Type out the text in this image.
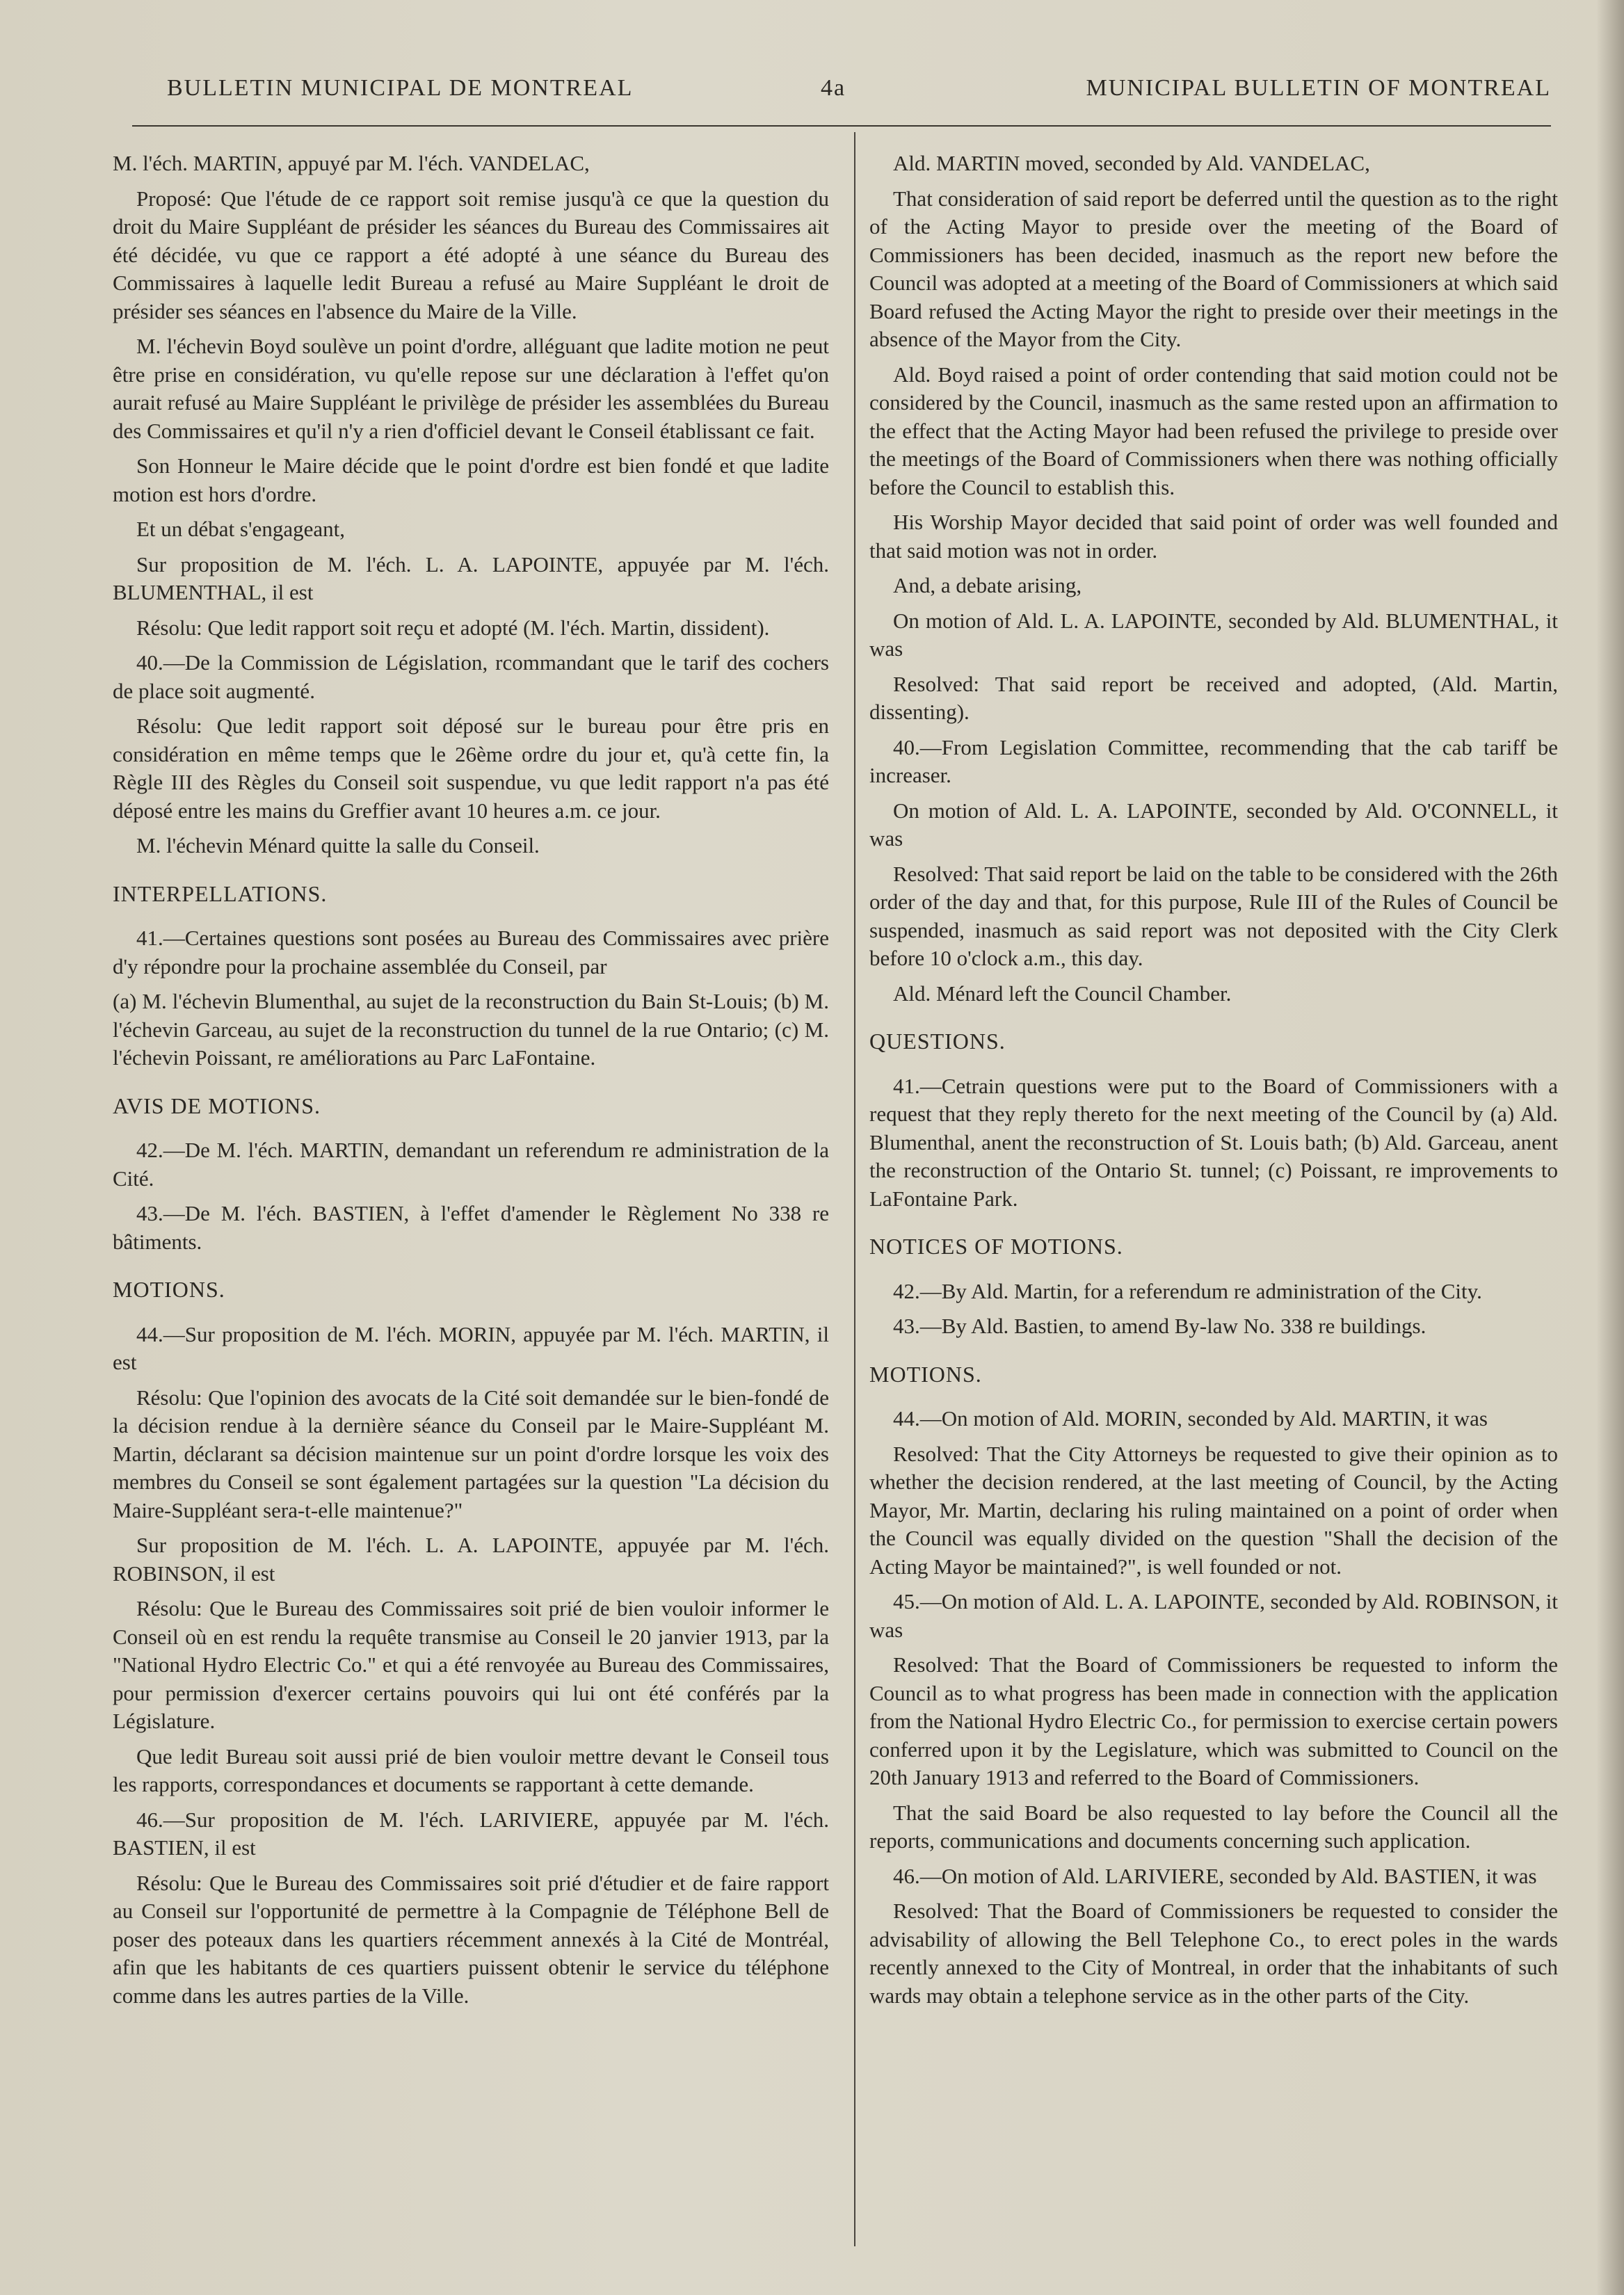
BULLETIN MUNICIPAL DE MONTREAL	4a	MUNICIPAL BULLETIN OF MONTREAL

M. l'éch. MARTIN, appuyé par M. l'éch. VANDELAC,

Proposé: Que l'étude de ce rapport soit remise jusqu'à ce que la question du droit du Maire Suppléant de présider les séances du Bureau des Commissaires ait été décidée, vu que ce rapport a été adopté à une séance du Bureau des Commissaires à laquelle ledit Bureau a refusé au Maire Suppléant le droit de présider ses séances en l'absence du Maire de la Ville.

M. l'échevin Boyd soulève un point d'ordre, alléguant que ladite motion ne peut être prise en considération, vu qu'elle repose sur une déclaration à l'effet qu'on aurait refusé au Maire Suppléant le privilège de présider les assemblées du Bureau des Commissaires et qu'il n'y a rien d'officiel devant le Conseil établissant ce fait.

Son Honneur le Maire décide que le point d'ordre est bien fondé et que ladite motion est hors d'ordre.

Et un débat s'engageant,

Sur proposition de M. l'éch. L. A. LAPOINTE, appuyée par M. l'éch. BLUMENTHAL, il est

Résolu: Que ledit rapport soit reçu et adopté (M. l'éch. Martin, dissident).

40.—De la Commission de Législation, rcommandant que le tarif des cochers de place soit augmenté.

Résolu: Que ledit rapport soit déposé sur le bureau pour être pris en considération en même temps que le 26ème ordre du jour et, qu'à cette fin, la Règle III des Règles du Conseil soit suspendue, vu que ledit rapport n'a pas été déposé entre les mains du Greffier avant 10 heures a.m. ce jour.

M. l'échevin Ménard quitte la salle du Conseil.

INTERPELLATIONS.

41.—Certaines questions sont posées au Bureau des Commissaires avec prière d'y répondre pour la prochaine assemblée du Conseil, par

(a) M. l'échevin Blumenthal, au sujet de la reconstruction du Bain St-Louis; (b) M. l'échevin Garceau, au sujet de la reconstruction du tunnel de la rue Ontario; (c) M. l'échevin Poissant, re améliorations au Parc LaFontaine.

AVIS DE MOTIONS.

42.—De M. l'éch. MARTIN, demandant un referendum re administration de la Cité.

43.—De M. l'éch. BASTIEN, à l'effet d'amender le Règlement No 338 re bâtiments.

MOTIONS.

44.—Sur proposition de M. l'éch. MORIN, appuyée par M. l'éch. MARTIN, il est

Résolu: Que l'opinion des avocats de la Cité soit demandée sur le bien-fondé de la décision rendue à la dernière séance du Conseil par le Maire-Suppléant M. Martin, déclarant sa décision maintenue sur un point d'ordre lorsque les voix des membres du Conseil se sont également partagées sur la question "La décision du Maire-Suppléant sera-t-elle maintenue?"

Sur proposition de M. l'éch. L. A. LAPOINTE, appuyée par M. l'éch. ROBINSON, il est

Résolu: Que le Bureau des Commissaires soit prié de bien vouloir informer le Conseil où en est rendu la requête transmise au Conseil le 20 janvier 1913, par la "National Hydro Electric Co." et qui a été renvoyée au Bureau des Commissaires, pour permission d'exercer certains pouvoirs qui lui ont été conférés par la Législature.

Que ledit Bureau soit aussi prié de bien vouloir mettre devant le Conseil tous les rapports, correspondances et documents se rapportant à cette demande.

46.—Sur proposition de M. l'éch. LARIVIERE, appuyée par M. l'éch. BASTIEN, il est

Résolu: Que le Bureau des Commissaires soit prié d'étudier et de faire rapport au Conseil sur l'opportunité de permettre à la Compagnie de Téléphone Bell de poser des poteaux dans les quartiers récemment annexés à la Cité de Montréal, afin que les habitants de ces quartiers puissent obtenir le service du téléphone comme dans les autres parties de la Ville.

Ald. MARTIN moved, seconded by Ald. VANDELAC,

That consideration of said report be deferred until the question as to the right of the Acting Mayor to preside over the meeting of the Board of Commissioners has been decided, inasmuch as the report new before the Council was adopted at a meeting of the Board of Commissioners at which said Board refused the Acting Mayor the right to preside over their meetings in the absence of the Mayor from the City.

Ald. Boyd raised a point of order contending that said motion could not be considered by the Council, inasmuch as the same rested upon an affirmation to the effect that the Acting Mayor had been refused the privilege to preside over the meetings of the Board of Commissioners when there was nothing officially before the Council to establish this.

His Worship Mayor decided that said point of order was well founded and that said motion was not in order.

And, a debate arising,

On motion of Ald. L. A. LAPOINTE, seconded by Ald. BLUMENTHAL, it was

Resolved: That said report be received and adopted, (Ald. Martin, dissenting).

40.—From Legislation Committee, recommending that the cab tariff be increaser.

On motion of Ald. L. A. LAPOINTE, seconded by Ald. O'CONNELL, it was

Resolved: That said report be laid on the table to be considered with the 26th order of the day and that, for this purpose, Rule III of the Rules of Council be suspended, inasmuch as said report was not deposited with the City Clerk before 10 o'clock a.m., this day.

Ald. Ménard left the Council Chamber.

QUESTIONS.

41.—Cetrain questions were put to the Board of Commissioners with a request that they reply thereto for the next meeting of the Council by (a) Ald. Blumenthal, anent the reconstruction of St. Louis bath; (b) Ald. Garceau, anent the reconstruction of the Ontario St. tunnel; (c) Poissant, re improvements to LaFontaine Park.

NOTICES OF MOTIONS.

42.—By Ald. Martin, for a referendum re administration of the City.

43.—By Ald. Bastien, to amend By-law No. 338 re buildings.

MOTIONS.

44.—On motion of Ald. MORIN, seconded by Ald. MARTIN, it was

Resolved: That the City Attorneys be requested to give their opinion as to whether the decision rendered, at the last meeting of Council, by the Acting Mayor, Mr. Martin, declaring his ruling maintained on a point of order when the Council was equally divided on the question "Shall the decision of the Acting Mayor be maintained?", is well founded or not.

45.—On motion of Ald. L. A. LAPOINTE, seconded by Ald. ROBINSON, it was

Resolved: That the Board of Commissioners be requested to inform the Council as to what progress has been made in connection with the application from the National Hydro Electric Co., for permission to exercise certain powers conferred upon it by the Legislature, which was submitted to Council on the 20th January 1913 and referred to the Board of Commissioners.

That the said Board be also requested to lay before the Council all the reports, communications and documents concerning such application.

46.—On motion of Ald. LARIVIERE, seconded by Ald. BASTIEN, it was

Resolved: That the Board of Commissioners be requested to consider the advisability of allowing the Bell Telephone Co., to erect poles in the wards recently annexed to the City of Montreal, in order that the inhabitants of such wards may obtain a telephone service as in the other parts of the City.
